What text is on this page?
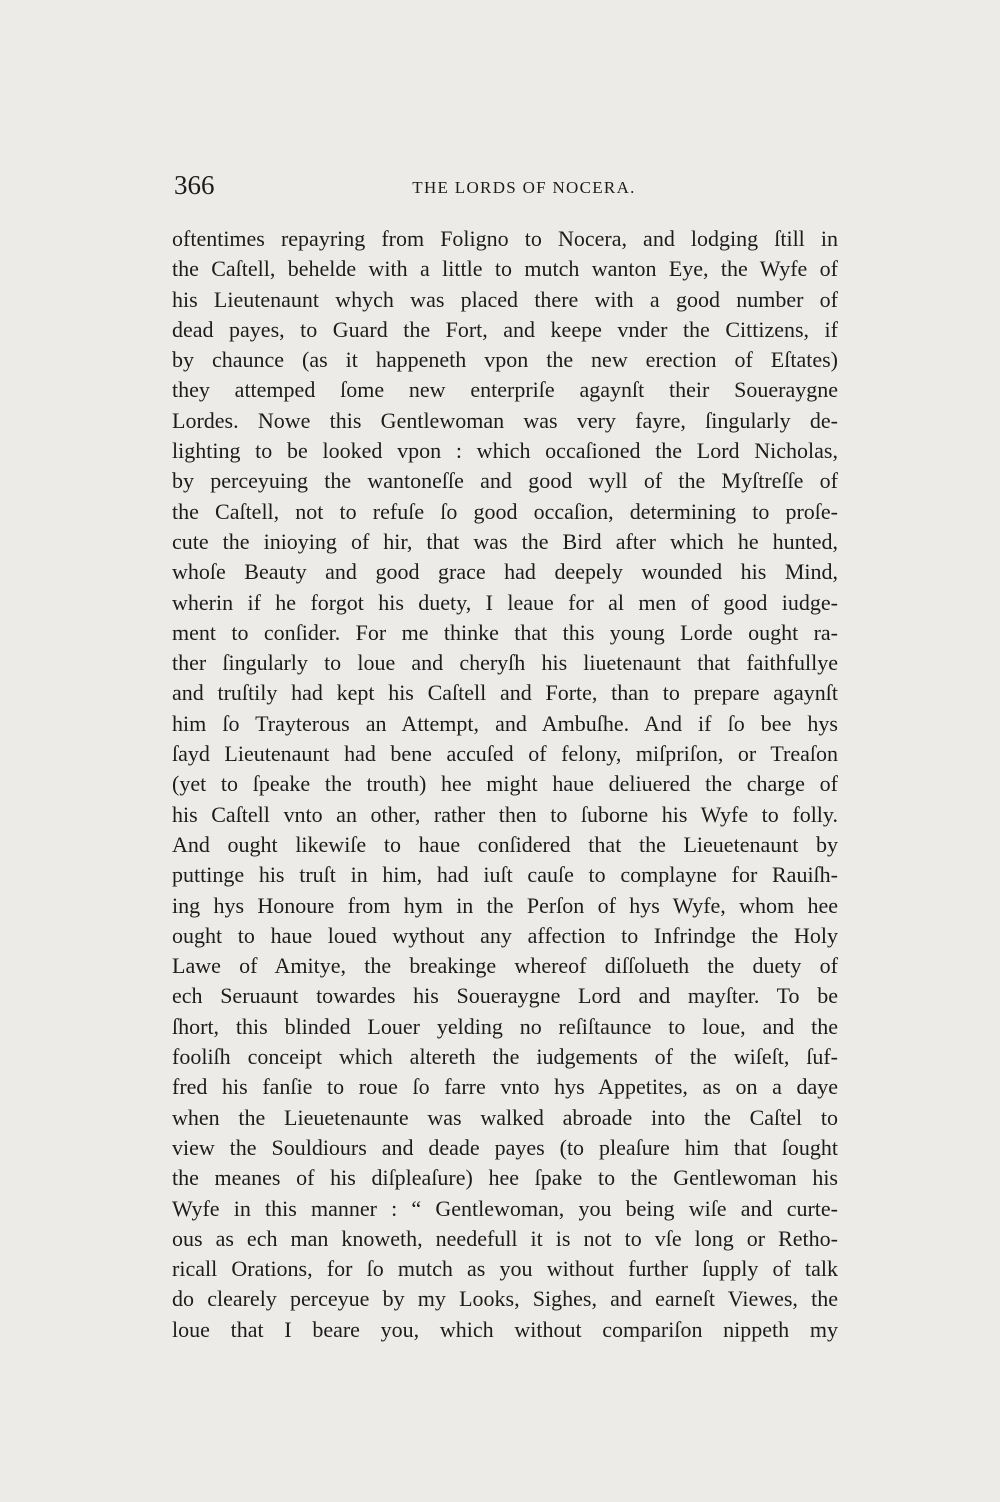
366	THE LORDS OF NOCERA.
oftentimes repayring from Foligno to Nocera, and lodging ſtill in
the Caſtell, behelde with a little to mutch wanton Eye, the Wyfe of
his Lieutenaunt whych was placed there with a good number of
dead payes, to Guard the Fort, and keepe vnder the Cittizens, if
by chaunce (as it happeneth vpon the new erection of Eſtates)
they attemped ſome new enterpriſe agaynſt their Soueraygne
Lordes. Nowe this Gentlewoman was very fayre, ſingularly de-
lighting to be looked vpon : which occaſioned the Lord Nicholas,
by perceyuing the wantoneſſe and good wyll of the Myſtreſſe of
the Caſtell, not to refuſe ſo good occaſion, determining to proſe-
cute the inioying of hir, that was the Bird after which he hunted,
whoſe Beauty and good grace had deepely wounded his Mind,
wherin if he forgot his duety, I leaue for al men of good iudge-
ment to conſider. For me thinke that this young Lorde ought ra-
ther ſingularly to loue and cheryſh his liuetenaunt that faithfullye
and truſtily had kept his Caſtell and Forte, than to prepare agaynſt
him ſo Trayterous an Attempt, and Ambuſhe. And if ſo bee hys
ſayd Lieutenaunt had bene accuſed of felony, miſpriſon, or Treaſon
(yet to ſpeake the trouth) hee might haue deliuered the charge of
his Caſtell vnto an other, rather then to ſuborne his Wyfe to folly.
And ought likewiſe to haue conſidered that the Lieuetenaunt by
puttinge his truſt in him, had iuſt cauſe to complayne for Rauiſh-
ing hys Honoure from hym in the Perſon of hys Wyfe, whom hee
ought to haue loued wythout any affection to Infrindge the Holy
Lawe of Amitye, the breakinge whereof diſſolueth the duety of
ech Seruaunt towardes his Soueraygne Lord and mayſter. To be
ſhort, this blinded Louer yelding no reſiſtaunce to loue, and the
fooliſh conceipt which altereth the iudgements of the wiſeſt, ſuf-
fred his fanſie to roue ſo farre vnto hys Appetites, as on a daye
when the Lieuetenaunte was walked abroade into the Caſtel to
view the Souldiours and deade payes (to pleaſure him that ſought
the meanes of his diſpleaſure) hee ſpake to the Gentlewoman his
Wyfe in this manner : “ Gentlewoman, you being wiſe and curte-
ous as ech man knoweth, needefull it is not to vſe long or Retho-
ricall Orations, for ſo mutch as you without further ſupply of talk
do clearely perceyue by my Looks, Sighes, and earneſt Viewes, the
loue that I beare you, which without compariſon nippeth my
